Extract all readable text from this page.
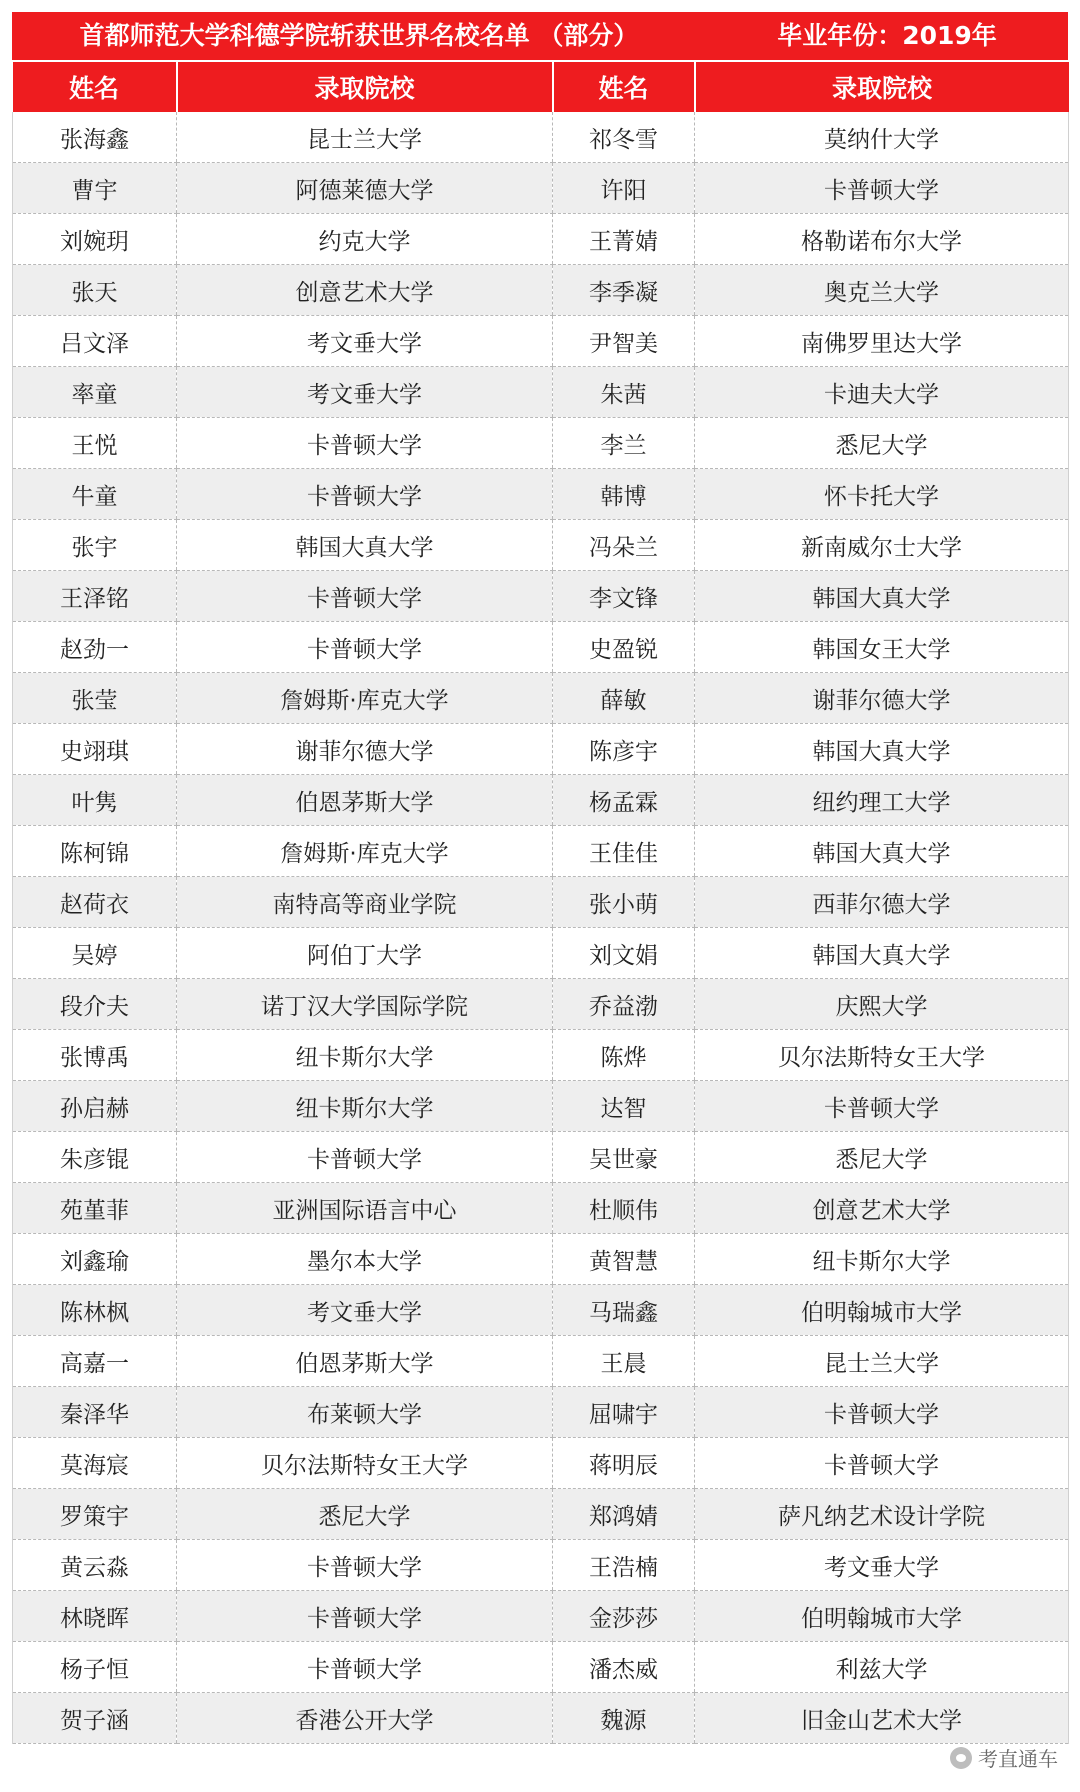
首都师范大学科德学院斩获世界名校名单 （部分）	毕业年份：2019年
姓名	录取院校	姓名	录取院校
张海鑫	昆士兰大学	祁冬雪	莫纳什大学
曹宇	阿德莱德大学	许阳	卡普顿大学
刘婉玥	约克大学	王菁婧	格勒诺布尔大学
张天	创意艺术大学	李季凝	奥克兰大学
吕文泽	考文垂大学	尹智美	南佛罗里达大学
率童	考文垂大学	朱茜	卡迪夫大学
王悦	卡普顿大学	李兰	悉尼大学
牛童	卡普顿大学	韩博	怀卡托大学
张宇	韩国大真大学	冯朵兰	新南威尔士大学
王泽铭	卡普顿大学	李文锋	韩国大真大学
赵劲一	卡普顿大学	史盈锐	韩国女王大学
张莹	詹姆斯·库克大学	薛敏	谢菲尔德大学
史翊琪	谢菲尔德大学	陈彦宇	韩国大真大学
叶隽	伯恩茅斯大学	杨孟霖	纽约理工大学
陈柯锦	詹姆斯·库克大学	王佳佳	韩国大真大学
赵荷衣	南特高等商业学院	张小萌	西菲尔德大学
吴婷	阿伯丁大学	刘文娟	韩国大真大学
段介夫	诺丁汉大学国际学院	乔益渤	庆熙大学
张博禹	纽卡斯尔大学	陈烨	贝尔法斯特女王大学
孙启赫	纽卡斯尔大学	达智	卡普顿大学
朱彦锟	卡普顿大学	吴世豪	悉尼大学
苑堇菲	亚洲国际语言中心	杜顺伟	创意艺术大学
刘鑫瑜	墨尔本大学	黄智慧	纽卡斯尔大学
陈林枫	考文垂大学	马瑞鑫	伯明翰城市大学
高嘉一	伯恩茅斯大学	王晨	昆士兰大学
秦泽华	布莱顿大学	屈啸宇	卡普顿大学
莫海宸	贝尔法斯特女王大学	蒋明辰	卡普顿大学
罗策宇	悉尼大学	郑鸿婧	萨凡纳艺术设计学院
黄云淼	卡普顿大学	王浩楠	考文垂大学
林晓晖	卡普顿大学	金莎莎	伯明翰城市大学
杨子恒	卡普顿大学	潘杰威	利兹大学
贺子涵	香港公开大学	魏源	旧金山艺术大学
考直通车
